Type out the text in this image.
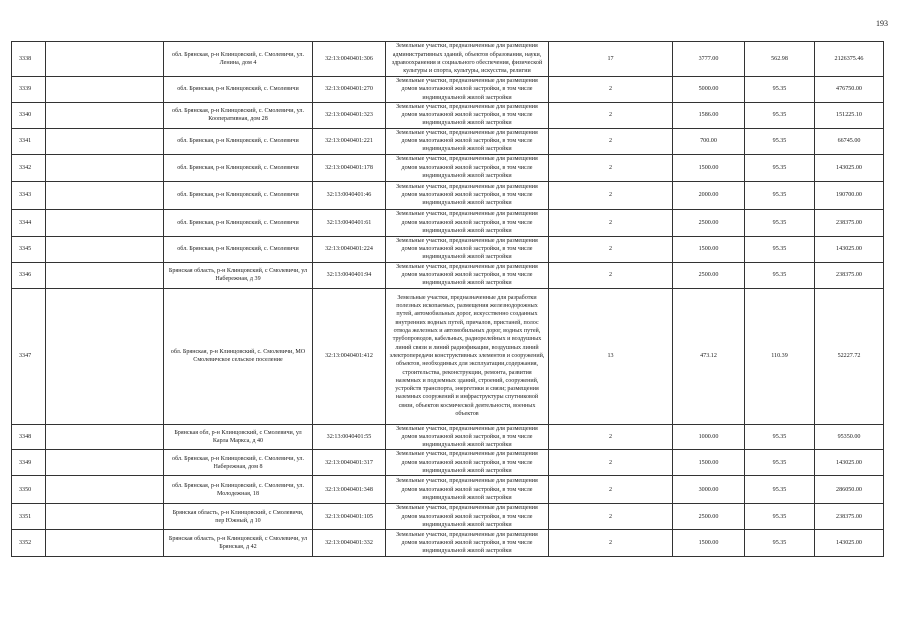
193
3338		обл. Брянская, р-н Клинцовский, с. Смолевичи, ул. Ленина, дом 4	32:13:0040401:306	Земельные участки, предназначенные для размещения административных зданий, объектов образования, науки, здравоохранения и социального обеспечения, физической культуры и спорта, культуры, искусства, религии	17	3777.00	562.98	2126375.46
3339		обл. Брянская, р-н Клинцовский, с. Смолевичи	32:13:0040401:270	Земельные участки, предназначенные для размещения домов малоэтажной жилой застройки, в том числе индивидуальной жилой застройки	2	5000.00	95.35	476750.00
3340		обл. Брянская, р-н Клинцовский, с. Смолевичи, ул. Кооперативная, дом 28	32:13:0040401:323	Земельные участки, предназначенные для размещения домов малоэтажной жилой застройки, в том числе индивидуальной жилой застройки	2	1586.00	95.35	151225.10
3341		обл. Брянская, р-н Клинцовский, с. Смолевичи	32:13:0040401:221	Земельные участки, предназначенные для размещения домов малоэтажной жилой застройки, в том числе индивидуальной жилой застройки	2	700.00	95.35	66745.00
3342		обл. Брянская, р-н Клинцовский, с. Смолевичи	32:13:0040401:178	Земельные участки, предназначенные для размещения домов малоэтажной жилой застройки, в том числе индивидуальной жилой застройки	2	1500.00	95.35	143025.00
3343		обл. Брянская, р-н Клинцовский, с. Смолевичи	32:13:0040401:46	Земельные участки, предназначенные для размещения домов малоэтажной жилой застройки, в том числе индивидуальной жилой застройки	2	2000.00	95.35	190700.00
3344		обл. Брянская, р-н Клинцовский, с. Смолевичи	32:13:0040401:61	Земельные участки, предназначенные для размещения домов малоэтажной жилой застройки, в том числе индивидуальной жилой застройки	2	2500.00	95.35	238375.00
3345		обл. Брянская, р-н Клинцовский, с. Смолевичи	32:13:0040401:224	Земельные участки, предназначенные для размещения домов малоэтажной жилой застройки, в том числе индивидуальной жилой застройки	2	1500.00	95.35	143025.00
3346		Брянская область, р-н Клинцовский, с Смолевичи, ул Набережная, д 39	32:13:0040401:94	Земельные участки, предназначенные для размещения домов малоэтажной жилой застройки, в том числе индивидуальной жилой застройки	2	2500.00	95.35	238375.00
3347		обл. Брянская, р-н Клинцовский, с. Смолевичи, МО Смолевичское сельское поселение	32:13:0040401:412	Земельные участки, предназначенные для разработки полезных ископаемых, размещения железнодорожных путей, автомобильных дорог, искусственно созданных внутренних водных путей, причалов, пристаней, полос отвода железных и автомобильных дорог, водных путей, трубопроводов, кабельных, радиорелейных и воздушных линий связи и линий радиофикации, воздушных линий электропередачи конструктивных элементов и сооружений, объектов, необходимых для эксплуатации,содержания, строительства, реконструкции, ремонта, развития наземных и подземных зданий, строений, сооружений, устройств транспорта, энергетики и связи; размещения наземных сооружений и инфраструктуры спутниковой связи, объектов космической деятельности, военных объектов	13	473.12	110.39	52227.72
3348		Брянская обл, р-н Клинцовский, с Смолевичи, ул Карла Маркса, д 40	32:13:0040401:55	Земельные участки, предназначенные для размещения домов малоэтажной жилой застройки, в том числе индивидуальной жилой застройки	2	1000.00	95.35	95350.00
3349		обл. Брянская, р-н Клинцовский, с. Смолевичи, ул. Набережная, дом 8	32:13:0040401:317	Земельные участки, предназначенные для размещения домов малоэтажной жилой застройки, в том числе индивидуальной жилой застройки	2	1500.00	95.35	143025.00
3350		обл. Брянская, р-н Клинцовский, с. Смолевичи, ул. Молодежная, 18	32:13:0040401:348	Земельные участки, предназначенные для размещения домов малоэтажной жилой застройки, в том числе индивидуальной жилой застройки	2	3000.00	95.35	286050.00
3351		Брянская область, р-н Клинцовский, с Смолевичи, пер Южный, д 10	32:13:0040401:105	Земельные участки, предназначенные для размещения домов малоэтажной жилой застройки, в том числе индивидуальной жилой застройки	2	2500.00	95.35	238375.00
3352		Брянская область, р-н Клинцовский, с Смолевичи, ул Брянская, д 42	32:13:0040401:332	Земельные участки, предназначенные для размещения домов малоэтажной жилой застройки, в том числе индивидуальной жилой застройки	2	1500.00	95.35	143025.00
